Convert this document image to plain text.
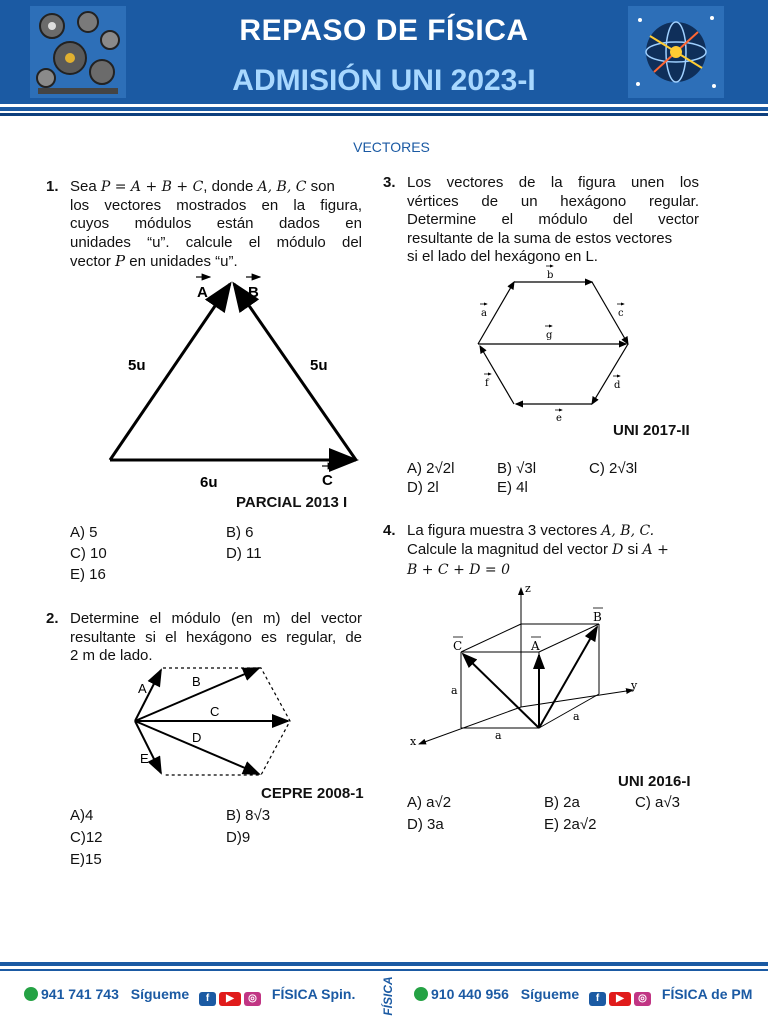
REPASO DE FÍSICA
ADMISIÓN UNI 2023-I
VECTORES
1. Sea P = A + B + C, donde A, B, C son
los vectores mostrados en la figura,
cuyos módulos están dados en
unidades “u”. calcule el módulo del
vector P en unidades “u”.
A	B
C
5u	5u
6u
PARCIAL 2013 I
A) 5	B) 6
C) 10	D) 11
E) 16
2. Determine el módulo (en m) del vector
resultante si el hexágono es regular, de
2 m de lado.
A	B
C
D
E
CEPRE 2008-1
A)4	B) 8√3
C)12	D)9
E)15
3. Los vectores de la figura unen los
vértices de un hexágono regular.
Determine el módulo del vector
resultante de la suma de estos vectores
si el lado del hexágono en L.
a
b
c
g
f	d
e
UNI 2017-II
A) 2√2l	B) √3l	C) 2√3l
D) 2l	E) 4l
4. La figura muestra 3 vectores A, B, C.
Calcule la magnitud del vector D si A +
B + C + D = 0
z
y
x
C	A
B
a
a
a
UNI 2016-I
A) a√2	B) 2a	C) a√3
D) 3a	E) 2a√2
941 741 743 Sígueme f ▶ ◎ FÍSICA Spin. FÍSICA	910 440 956 Sígueme f ▶ ◎ FÍSICA de PM
